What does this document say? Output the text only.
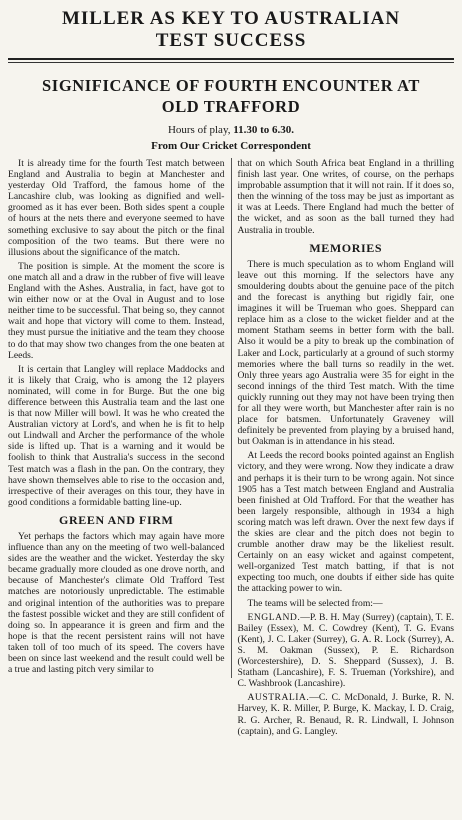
MILLER AS KEY TO AUSTRALIAN
TEST SUCCESS
SIGNIFICANCE OF FOURTH ENCOUNTER AT
OLD TRAFFORD
Hours of play, 11.30 to 6.30.
From Our Cricket Correspondent

It is already time for the fourth Test match between England and Australia to begin at Manchester and yesterday Old Trafford, the famous home of the Lancashire club, was looking as dignified and well-groomed as it has ever been. Both sides spent a couple of hours at the nets there and everyone seemed to have something exclusive to say about the pitch or the final composition of the two teams. But there were no illusions about the significance of the match.

The position is simple. At the moment the score is one match all and a draw in the rubber of five will leave England with the Ashes. Australia, in fact, have got to win either now or at the Oval in August and to lose neither time to be successful. That being so, they cannot wait and hope that victory will come to them. Instead, they must pursue the initiative and the team they choose to do that may show two changes from the one beaten at Leeds.

It is certain that Langley will replace Maddocks and it is likely that Craig, who is among the 12 players nominated, will come in for Burge. But the one big difference between this Australia team and the last one is that now Miller will bowl. It was he who created the Australian victory at Lord's, and when he is fit to help out Lindwall and Archer the performance of the whole side is lifted up. That is a warning and it would be foolish to think that Australia's success in the second Test match was a flash in the pan. On the contrary, they have shown themselves able to rise to the occasion and, irrespective of their averages on this tour, they have in good conditions a formidable batting line-up.

GREEN AND FIRM

Yet perhaps the factors which may again have more influence than any on the meeting of two well-balanced sides are the weather and the wicket. Yesterday the sky became gradually more clouded as one drove north, and because of Manchester's climate Old Trafford Test matches are notoriously unpredictable. The estimable and original intention of the authorities was to prepare the fastest possible wicket and they are still confident of doing so. In appearance it is green and firm and the hope is that the recent persistent rains will not have taken toll of too much of its speed. The covers have been on since last weekend and the result could well be a true and lasting pitch very similar to

that on which South Africa beat England in a thrilling finish last year. One writes, of course, on the perhaps improbable assumption that it will not rain. If it does so, then the winning of the toss may be just as important as it was at Leeds. There England had much the better of the wicket, and as soon as the ball turned they had Australia in trouble.

MEMORIES

There is much speculation as to whom England will leave out this morning. If the selectors have any smouldering doubts about the genuine pace of the pitch and the forecast is anything but rigidly fair, one imagines it will be Trueman who goes. Sheppard can replace him as a close to the wicket fielder and at the moment Statham seems in better form with the ball. Also it would be a pity to break up the combination of Laker and Lock, particularly at a ground of such stormy memories where the ball turns so readily in the wet. Only three years ago Australia were 35 for eight in the second innings of the third Test match. With the time quickly running out they may not have been trying then for all they were worth, but Manchester after rain is no place for batsmen. Unfortunately Graveney will definitely be prevented from playing by a bruised hand, but Oakman is in attendance in his stead.

At Leeds the record books pointed against an English victory, and they were wrong. Now they indicate a draw and perhaps it is their turn to be wrong again. Not since 1905 has a Test match between England and Australia been finished at Old Trafford. For that the weather has been largely responsible, although in 1934 a high scoring match was left drawn. Over the next few days if the skies are clear and the pitch does not begin to crumble another draw may be the likeliest result. Certainly on an easy wicket and against competent, well-organized Test match batting, if that is not expecting too much, one doubts if either side has quite the attacking power to win.

The teams will be selected from:—

ENGLAND.—P. B. H. May (Surrey) (captain), T. E. Bailey (Essex), M. C. Cowdrey (Kent), T. G. Evans (Kent), J. C. Laker (Surrey), G. A. R. Lock (Surrey), A. S. M. Oakman (Sussex), P. E. Richardson (Worcestershire), D. S. Sheppard (Sussex), J. B. Statham (Lancashire), F. S. Trueman (Yorkshire), and C. Washbrook (Lancashire).

AUSTRALIA.—C. C. McDonald, J. Burke, R. N. Harvey, K. R. Miller, P. Burge, K. Mackay, I. D. Craig, R. G. Archer, R. Benaud, R. R. Lindwall, I. Johnson (captain), and G. Langley.
